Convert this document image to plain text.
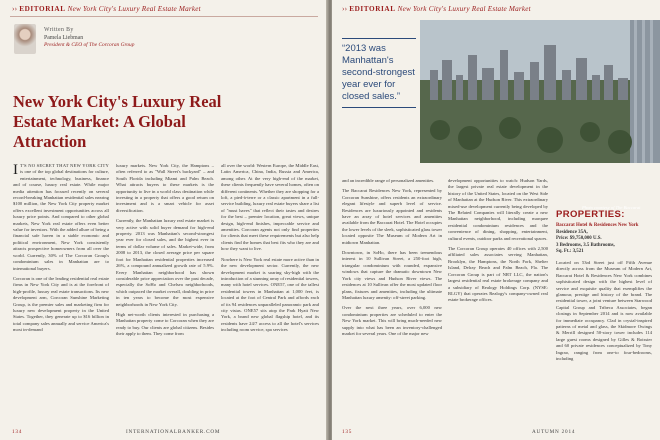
›› EDITORIAL New York City's Luxury Real Estate Market
Written By
Pamela Liebman
President & CEO of The Corcoran Group
New York City's Luxury Real Estate Market: A Global Attraction

I T'S NO SECRET THAT NEW YORK CITY is one of the top global destinations for culture, entertainment, technology, business, finance and of course, luxury real estate. While major media attention has focused recently on several record-breaking Manhattan residential sales nearing $100 million, the New York City property market offers excellent investment opportunities across all luxury price points. And compared to other global markets, New York real estate offers even better value for investors. With the added allure of being a financial safe haven in a stable economic and political environment, New York consistently attracts prospective homeowners from all over the world. Currently, 30% of The Corcoran Group's condominium sales in Manhattan are to international buyers.

Corcoran is one of the leading residential real estate firms in New York City and is at the forefront of high-profile, luxury real estate transactions. Its new development arm, Corcoran Sunshine Marketing Group, is the premier sales and marketing firm for luxury new development property in the United States. Together, they generate up to $16 billion in total company sales annually and service America's most in-demand

luxury markets. New York City, the Hamptons – often referred to as "Wall Street's backyard" – and South Florida including Miami and Palm Beach. What attracts buyers to these markets is the opportunity to live in a world class destination while investing in a property that offers a good return on investment and is a smart vehicle for asset diversification.

Currently, the Manhattan luxury real estate market is very active with solid buyer demand for high-end property. 2013 was Manhattan's second-strongest year ever for closed sales, and the highest ever in terms of dollar volume of sales. Market-wide, from 2008 to 2013, the closed average price per square foot for Manhattan residential properties increased 26%, a compound annualized growth rate of 5.9%. Every Manhattan neighborhood has shown considerable price appreciation over the past decade, especially the SoHo and Chelsea neighborhoods, which outpaced the market overall, doubling in price in ten years to become the most expensive neighborhoods in New York City.

High net-worth clients interested in purchasing a Manhattan property come to Corcoran when they are ready to buy. Our clients are global citizens. Besides their apply to them. They come from

all over the world: Western Europe, the Middle East, Latin America, China, India, Russia and America, among other. At the very high-end of the market, these clients frequently have several homes, often on different continents. Whether they are shopping for a loft, a pied-à-terre or a classic apartment in a full-service building, luxury real estate buyers share a list of "must haves" that reflect their tastes and desires for the best – premier location, great views, unique design, high-end finishes, impeccable service and amenities. Corcoran agents not only find properties for clients that meet these requirements but also help clients find the homes that best fits who they are and how they want to live.

Nowhere is New York real estate more active than in the new development sector. Currently, the new development market is soaring sky-high with the introduction of a stunning array of residential towers, many with hotel services. ONE57, one of the tallest residential towers in Manhattan at 1,000 feet, is located at the foot of Central Park and affords each of its 94 residences unparalleled panoramic park and city vistas. ONE57 sits atop the Park Hyatt New York, a brand new global flagship hotel, and its residents have 24/7 access to all the hotel's services including room service, spa services

134	INTERNATIONALBANKER.COM
›› EDITORIAL New York City's Luxury Real Estate Market
“2013 was Manhattan's second-strongest year ever for closed sales.”
Photo courtesy of The Baccarat

and an incredible range of personalized amenities.

The Baccarat Residences New York, represented by Corcoran Sunshine, offers residents an extraordinary elegant lifestyle and superb level of service. Residences are luxuriously appointed and residents have an array of hotel services and amenities available from the Baccarat Hotel. The Hotel occupies the lower levels of the sleek, sophisticated glass tower located opposite The Museum of Modern Art in midtown Manhattan.

Downtown, in SoHo, there has been tremendous interest in 10 Sullivan Street, a 250-foot high, triangular condominium with rounded, expansive windows that capture the dramatic downtown New York city views and Hudson River views. The residences at 10 Sullivan offer the most updated floor plans, fixtures and amenities, including the ultimate Manhattan luxury amenity: off-street parking.

Over the next three years, over 6,000 new condominium properties are scheduled to enter the New York market. This will bring much-needed new supply into what has been an inventory-challenged market for several years. One of the major new

development opportunities to watch: Hudson Yards, the largest private real estate development in the history of the United States, located on the West Side of Manhattan at the Hudson River. This extraordinary mixed-use development currently being developed by The Related Companies will literally create a new Manhattan neighborhood, including marquee residential condominium residences and the convenience of dining, shopping, entertainment, cultural events, outdoor parks and recreational spaces.

The Corcoran Group operates 40 offices with 2,500 affiliated sales associates serving Manhattan, Brooklyn, the Hamptons, the North Fork, Shelter Island, Delray Beach and Palm Beach, Fla. The Corcoran Group is part of NRT LLC, the nation's largest residential real estate brokerage company and a subsidiary of Realogy Holdings Corp. (NYSE: RLGY) that operates Realogy's company-owned real estate brokerage offices.

PROPERTIES:
Baccarat Hotel & Residences New York
Residence 35A,
Price: $9,750,000 U.S.
3 Bedrooms, 3.5 Bathrooms,
Sq. Ft.: 3,521

Located on 53rd Street just off Fifth Avenue directly across from the Museum of Modern Art, Baccarat Hotel & Residences New York combines sophisticated design with the highest level of service and exquisite quality that exemplifies the glamour, prestige and history of the brand. The residential tower, a joint venture between Starwood Capital Group and Tribeca Associates, began closings in September 2014 and is now available for immediate occupancy. Clad in crystal-inspired patterns of metal and glass, the Skidmore Owings & Merrill designed 50-story tower includes 114 large guest rooms designed by Gilles & Boissier and 60 private residences conceptualized by Tony Ingrao, ranging from one-to four-bedrooms, including

135	AUTUMN 2014
